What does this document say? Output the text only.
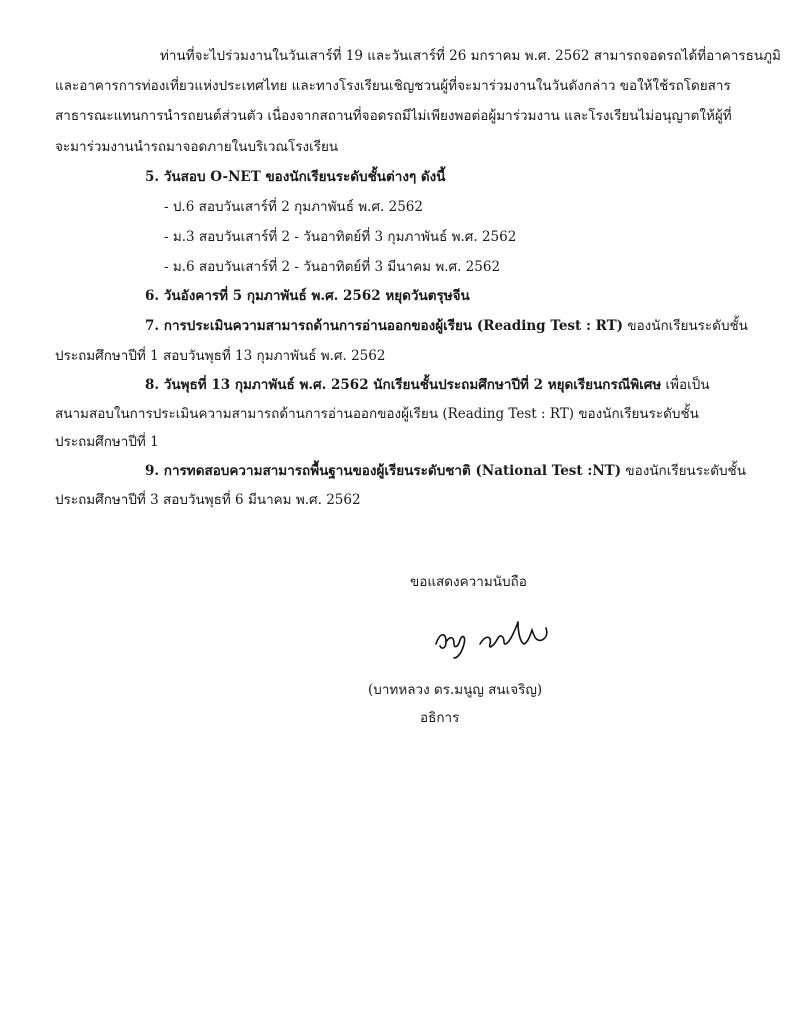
ท่านที่จะไปร่วมงานในวันเสาร์ที่ 19 และวันเสาร์ที่ 26 มกราคม พ.ศ. 2562 สามารถจอดรถได้ที่อาคารธนภูมิ
และอาคารการท่องเที่ยวแห่งประเทศไทย และทางโรงเรียนเชิญชวนผู้ที่จะมาร่วมงานในวันดังกล่าว ขอให้ใช้รถโดยสาร
สาธารณะแทนการนำรถยนต์ส่วนตัว เนื่องจากสถานที่จอดรถมีไม่เพียงพอต่อผู้มาร่วมงาน และโรงเรียนไม่อนุญาตให้ผู้ที่
จะมาร่วมงานนำรถมาจอดภายในบริเวณโรงเรียน
5. วันสอบ O-NET ของนักเรียนระดับชั้นต่างๆ ดังนี้
- ป.6 สอบวันเสาร์ที่ 2 กุมภาพันธ์ พ.ศ. 2562
- ม.3 สอบวันเสาร์ที่ 2 - วันอาทิตย์ที่ 3 กุมภาพันธ์ พ.ศ. 2562
- ม.6 สอบวันเสาร์ที่ 2 - วันอาทิตย์ที่ 3 มีนาคม พ.ศ. 2562
6. วันอังคารที่ 5 กุมภาพันธ์ พ.ศ. 2562 หยุดวันตรุษจีน
7. การประเมินความสามารถด้านการอ่านออกของผู้เรียน (Reading Test : RT) ของนักเรียนระดับชั้น
ประถมศึกษาปีที่ 1 สอบวันพุธที่ 13 กุมภาพันธ์ พ.ศ. 2562
8. วันพุธที่ 13 กุมภาพันธ์ พ.ศ. 2562 นักเรียนชั้นประถมศึกษาปีที่ 2 หยุดเรียนกรณีพิเศษ เพื่อเป็น
สนามสอบในการประเมินความสามารถด้านการอ่านออกของผู้เรียน (Reading Test : RT) ของนักเรียนระดับชั้น
ประถมศึกษาปีที่ 1
9. การทดสอบความสามารถพื้นฐานของผู้เรียนระดับชาติ (National Test :NT) ของนักเรียนระดับชั้น
ประถมศึกษาปีที่ 3 สอบวันพุธที่ 6 มีนาคม พ.ศ. 2562
ขอแสดงความนับถือ
(บาทหลวง ดร.มนูญ สนเจริญ)
อธิการ
